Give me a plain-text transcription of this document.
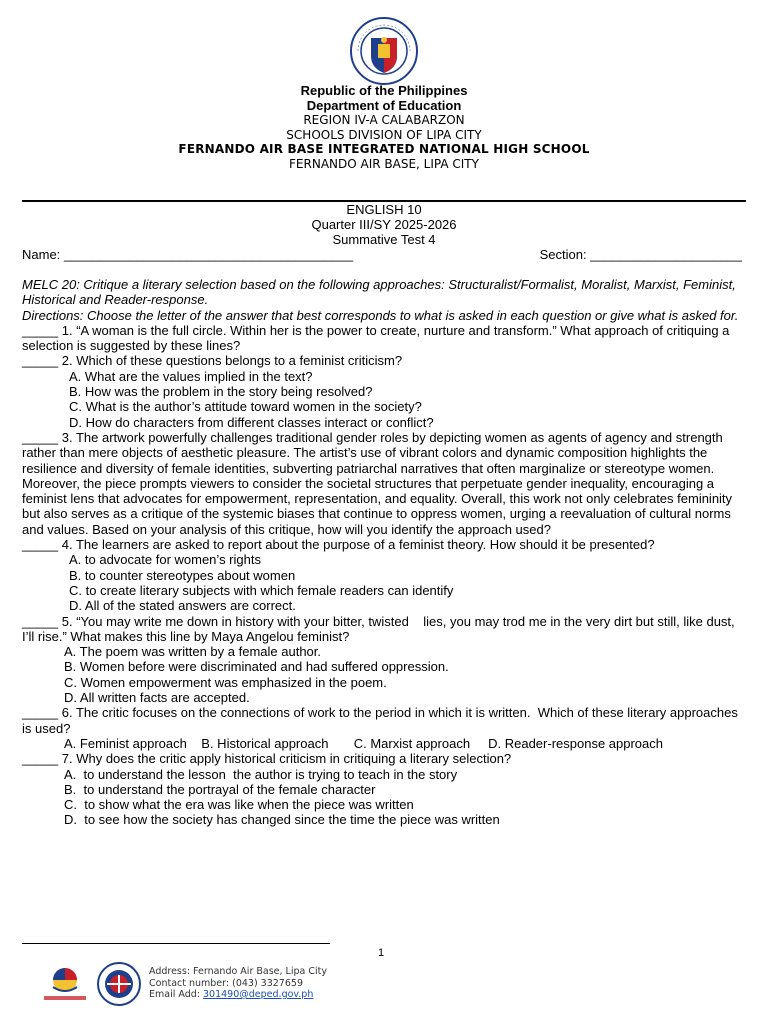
Republic of the Philippines
Department of Education
REGION IV-A CALABARZON
SCHOOLS DIVISION OF LIPA CITY
FERNANDO AIR BASE INTEGRATED NATIONAL HIGH SCHOOL
FERNANDO AIR BASE, LIPA CITY
ENGLISH 10
Quarter III/SY 2025-2026
Summative Test 4
Name: ________________________________________	Section: _____________________

MELC 20: Critique a literary selection based on the following approaches: Structuralist/Formalist, Moralist, Marxist, Feminist, Historical and Reader-response.

Directions: Choose the letter of the answer that best corresponds to what is asked in each question or give what is asked for.

_____ 1. “A woman is the full circle. Within her is the power to create, nurture and transform.” What approach of critiquing a selection is suggested by these lines?

_____ 2. Which of these questions belongs to a feminist criticism?

A. What are the values implied in the text?

B. How was the problem in the story being resolved?

C. What is the author’s attitude toward women in the society?

D. How do characters from different classes interact or conflict?

_____ 3. The artwork powerfully challenges traditional gender roles by depicting women as agents of agency and strength rather than mere objects of aesthetic pleasure. The artist’s use of vibrant colors and dynamic composition highlights the resilience and diversity of female identities, subverting patriarchal narratives that often marginalize or stereotype women. Moreover, the piece prompts viewers to consider the societal structures that perpetuate gender inequality, encouraging a feminist lens that advocates for empowerment, representation, and equality. Overall, this work not only celebrates femininity but also serves as a critique of the systemic biases that continue to oppress women, urging a reevaluation of cultural norms and values. Based on your analysis of this critique, how will you identify the approach used?

_____ 4. The learners are asked to report about the purpose of a feminist theory. How should it be presented?

A. to advocate for women’s rights

B. to counter stereotypes about women

C. to create literary subjects with which female readers can identify

D. All of the stated answers are correct.

_____ 5. “You may write me down in history with your bitter, twisted    lies, you may trod me in the very dirt but still, like dust, I’ll rise.” What makes this line by Maya Angelou feminist?

A. The poem was written by a female author.

B. Women before were discriminated and had suffered oppression.

C. Women empowerment was emphasized in the poem.

D. All written facts are accepted.

_____ 6. The critic focuses on the connections of work to the period in which it is written.  Which of these literary approaches is used?

A. Feminist approach    B. Historical approach       C. Marxist approach     D. Reader-response approach

_____ 7. Why does the critic apply historical criticism in critiquing a literary selection?

A.  to understand the lesson  the author is trying to teach in the story

B.  to understand the portrayal of the female character

C.  to show what the era was like when the piece was written

D.  to see how the society has changed since the time the piece was written

1
Address: Fernando Air Base, Lipa City
Contact number: (043) 3327659
Email Add: 301490@deped.gov.ph
